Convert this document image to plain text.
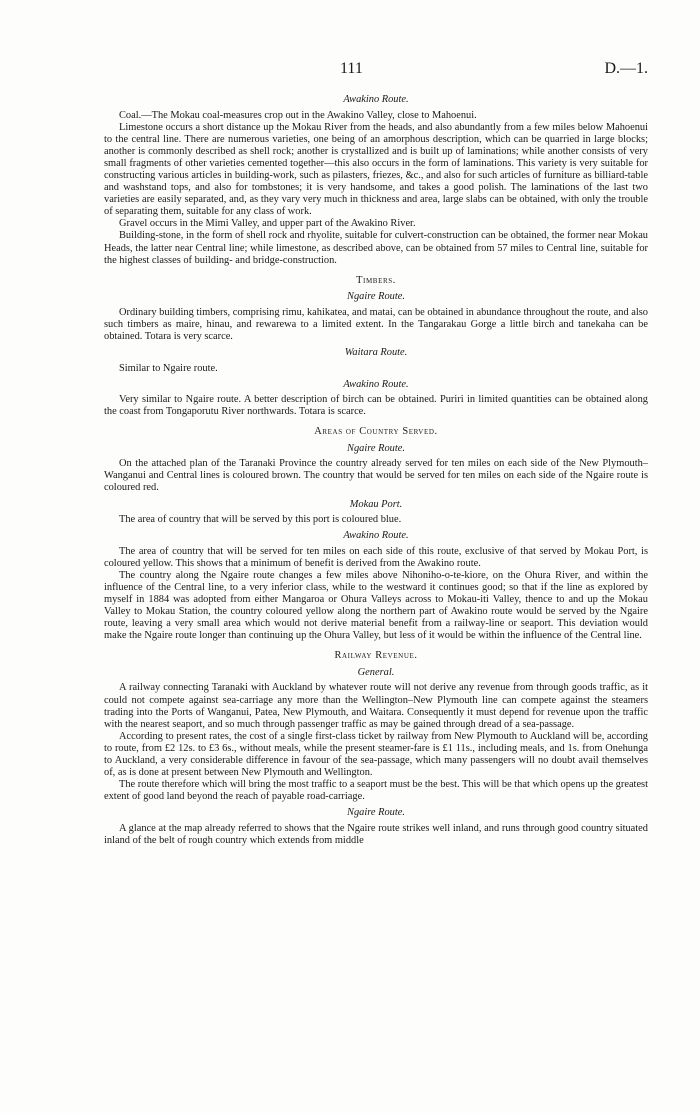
111	D.—1.
Awakino Route.

Coal.—The Mokau coal-measures crop out in the Awakino Valley, close to Mahoenui.

Limestone occurs a short distance up the Mokau River from the heads, and also abundantly from a few miles below Mahoenui to the central line. There are numerous varieties, one being of an amorphous description, which can be quarried in large blocks; another is commonly described as shell rock; another is crystallized and is built up of laminations; while another consists of very small fragments of other varieties cemented together—this also occurs in the form of laminations. This variety is very suitable for constructing various articles in building-work, such as pilasters, friezes, &c., and also for such articles of furniture as billiard-table and washstand tops, and also for tombstones; it is very handsome, and takes a good polish. The laminations of the last two varieties are easily separated, and, as they vary very much in thickness and area, large slabs can be obtained, with only the trouble of separating them, suitable for any class of work.

Gravel occurs in the Mimi Valley, and upper part of the Awakino River.

Building-stone, in the form of shell rock and rhyolite, suitable for culvert-construction can be obtained, the former near Mokau Heads, the latter near Central line; while limestone, as described above, can be obtained from 57 miles to Central line, suitable for the highest classes of building- and bridge-construction.

Timbers.
Ngaire Route.

Ordinary building timbers, comprising rimu, kahikatea, and matai, can be obtained in abundance throughout the route, and also such timbers as maire, hinau, and rewarewa to a limited extent. In the Tangarakau Gorge a little birch and tanekaha can be obtained. Totara is very scarce.

Waitara Route.

Similar to Ngaire route.

Awakino Route.

Very similar to Ngaire route. A better description of birch can be obtained. Puriri in limited quantities can be obtained along the coast from Tongaporutu River northwards. Totara is scarce.

Areas of Country Served.
Ngaire Route.

On the attached plan of the Taranaki Province the country already served for ten miles on each side of the New Plymouth–Wanganui and Central lines is coloured brown. The country that would be served for ten miles on each side of the Ngaire route is coloured red.

Mokau Port.

The area of country that will be served by this port is coloured blue.

Awakino Route.

The area of country that will be served for ten miles on each side of this route, exclusive of that served by Mokau Port, is coloured yellow. This shows that a minimum of benefit is derived from the Awakino route.

The country along the Ngaire route changes a few miles above Nihoniho-o-te-kiore, on the Ohura River, and within the influence of the Central line, to a very inferior class, while to the westward it continues good; so that if the line as explored by myself in 1884 was adopted from either Mangaroa or Ohura Valleys across to Mokau-iti Valley, thence to and up the Mokau Valley to Mokau Station, the country coloured yellow along the northern part of Awakino route would be served by the Ngaire route, leaving a very small area which would not derive material benefit from a railway-line or seaport. This deviation would make the Ngaire route longer than continuing up the Ohura Valley, but less of it would be within the influence of the Central line.

Railway Revenue.
General.

A railway connecting Taranaki with Auckland by whatever route will not derive any revenue from through goods traffic, as it could not compete against sea-carriage any more than the Wellington–New Plymouth line can compete against the steamers trading into the Ports of Wanganui, Patea, New Plymouth, and Waitara. Consequently it must depend for revenue upon the traffic with the nearest seaport, and so much through passenger traffic as may be gained through dread of a sea-passage.

According to present rates, the cost of a single first-class ticket by railway from New Plymouth to Auckland will be, according to route, from £2 12s. to £3 6s., without meals, while the present steamer-fare is £1 11s., including meals, and 1s. from Onehunga to Auckland, a very considerable difference in favour of the sea-passage, which many passengers will no doubt avail themselves of, as is done at present between New Plymouth and Wellington.

The route therefore which will bring the most traffic to a seaport must be the best. This will be that which opens up the greatest extent of good land beyond the reach of payable road-carriage.

Ngaire Route.

A glance at the map already referred to shows that the Ngaire route strikes well inland, and runs through good country situated inland of the belt of rough country which extends from middle
